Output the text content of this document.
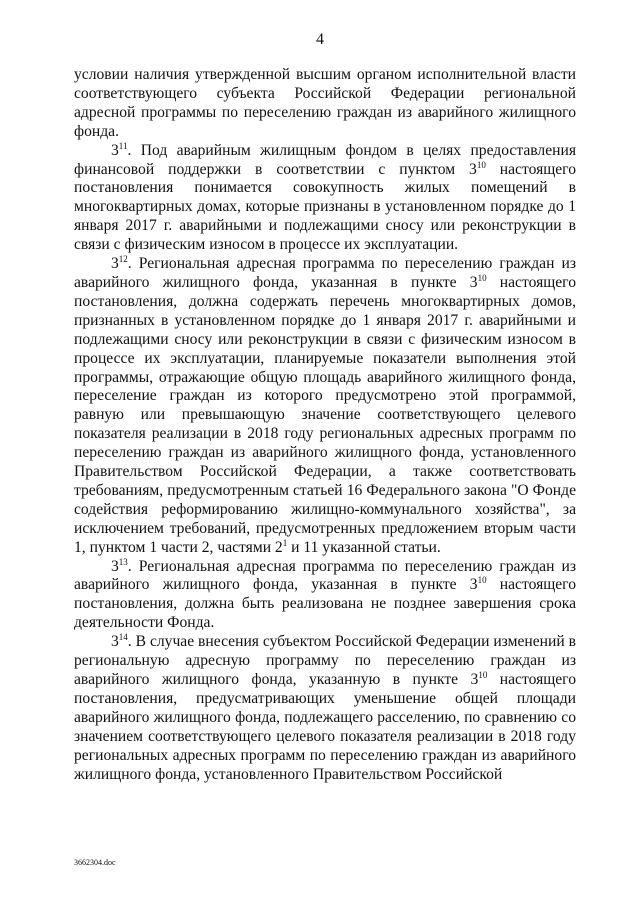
4

условии наличия утвержденной высшим органом исполнительной власти соответствующего субъекта Российской Федерации региональной адресной программы по переселению граждан из аварийного жилищного фонда.

$3^{11}$. Под аварийным жилищным фондом в целях предоставления финансовой поддержки в соответствии с пунктом $3^{10}$ настоящего постановления понимается совокупность жилых помещений в многоквартирных домах, которые признаны в установленном порядке до 1 января 2017 г. аварийными и подлежащими сносу или реконструкции в связи с физическим износом в процессе их эксплуатации.

$3^{12}$. Региональная адресная программа по переселению граждан из аварийного жилищного фонда, указанная в пункте $3^{10}$ настоящего постановления, должна содержать перечень многоквартирных домов, признанных в установленном порядке до 1 января 2017 г. аварийными и подлежащими сносу или реконструкции в связи с физическим износом в процессе их эксплуатации, планируемые показатели выполнения этой программы, отражающие общую площадь аварийного жилищного фонда, переселение граждан из которого предусмотрено этой программой, равную или превышающую значение соответствующего целевого показателя реализации в 2018 году региональных адресных программ по переселению граждан из аварийного жилищного фонда, установленного Правительством Российской Федерации, а также соответствовать требованиям, предусмотренным статьей 16 Федерального закона "О Фонде содействия реформированию жилищно-коммунального хозяйства", за исключением требований, предусмотренных предложением вторым части 1, пунктом 1 части 2, частями $2^1$ и 11 указанной статьи.

$3^{13}$. Региональная адресная программа по переселению граждан из аварийного жилищного фонда, указанная в пункте $3^{10}$ настоящего постановления, должна быть реализована не позднее завершения срока деятельности Фонда.

$3^{14}$. В случае внесения субъектом Российской Федерации изменений в региональную адресную программу по переселению граждан из аварийного жилищного фонда, указанную в пункте $3^{10}$ настоящего постановления, предусматривающих уменьшение общей площади аварийного жилищного фонда, подлежащего расселению, по сравнению со значением соответствующего целевого показателя реализации в 2018 году региональных адресных программ по переселению граждан из аварийного жилищного фонда, установленного Правительством Российской

3662304.doc
